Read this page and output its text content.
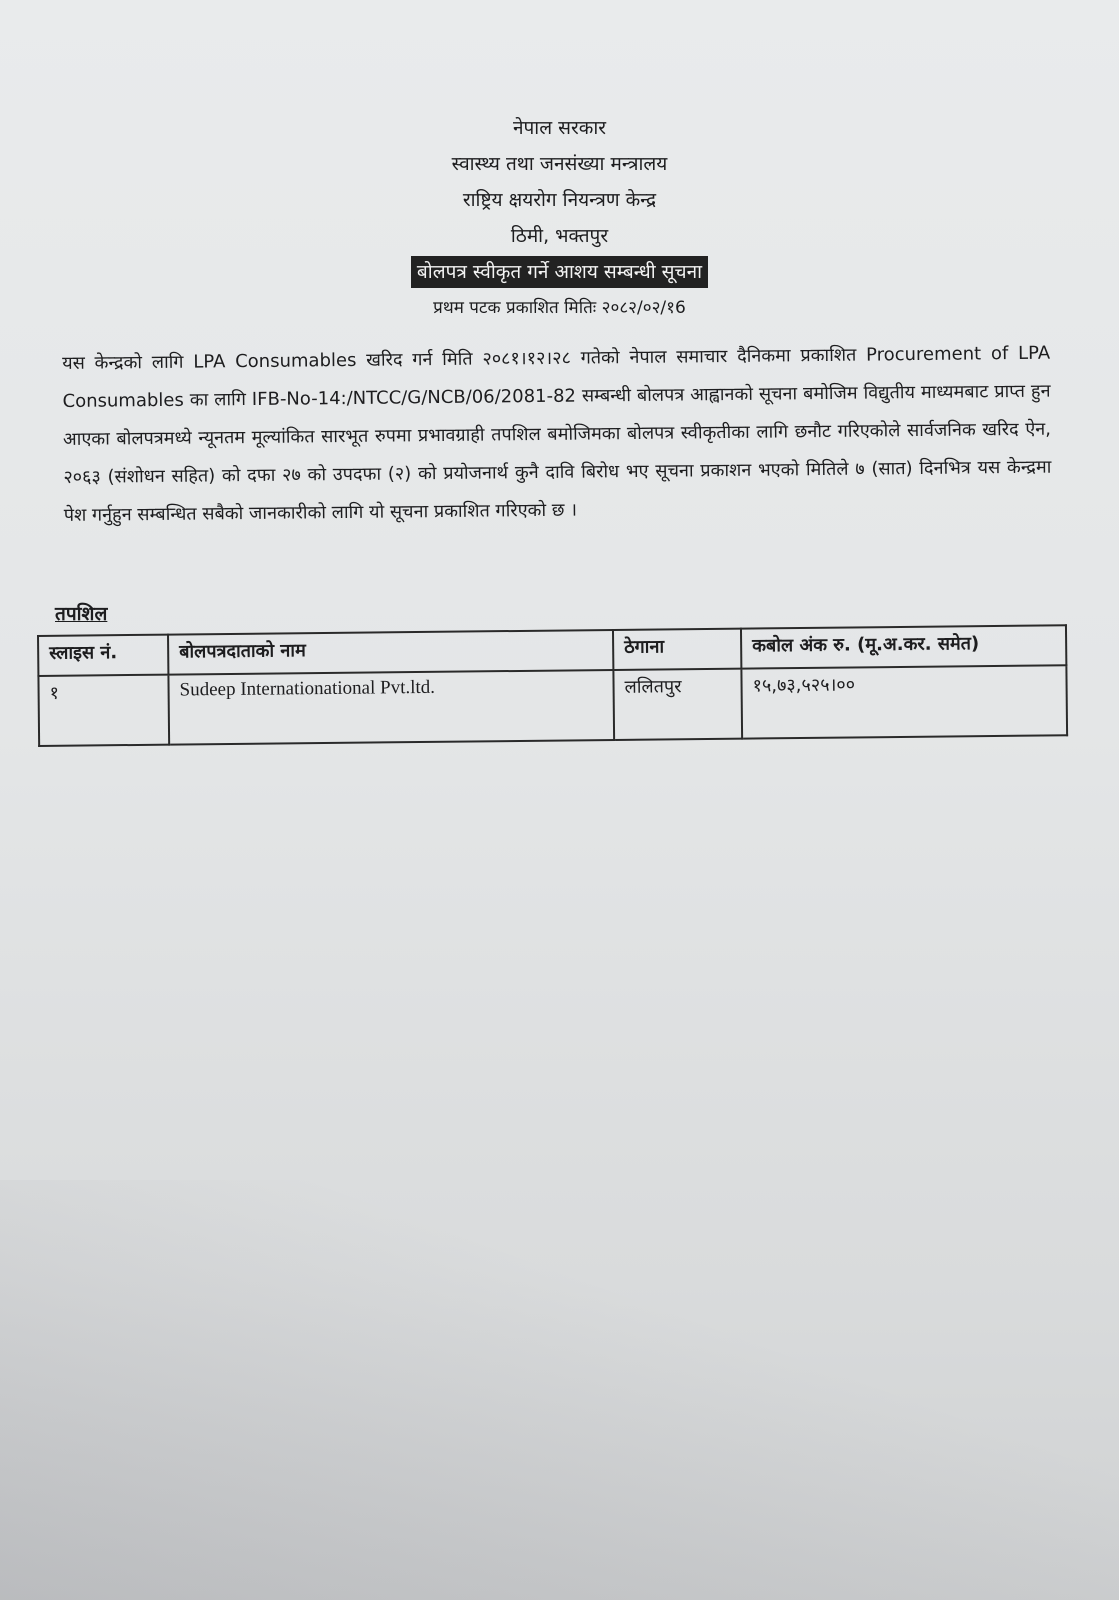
नेपाल सरकार
स्वास्थ्य तथा जनसंख्या मन्त्रालय
राष्ट्रिय क्षयरोग नियन्त्रण केन्द्र
ठिमी, भक्तपुर
बोलपत्र स्वीकृत गर्ने आशय सम्बन्धी सूचना
प्रथम पटक प्रकाशित मितिः २०८२/०२/१6
यस केन्द्रको लागि LPA Consumables खरिद गर्न मिति २०८१।१२।२८ गतेको नेपाल समाचार दैनिकमा प्रकाशित Procurement of LPA Consumables का लागि IFB-No-14:/NTCC/G/NCB/06/2081-82 सम्बन्धी बोलपत्र आह्वानको सूचना बमोजिम विद्युतीय माध्यमबाट प्राप्त हुन आएका बोलपत्रमध्ये न्यूनतम मूल्यांकित सारभूत रुपमा प्रभावग्राही तपशिल बमोजिमका बोलपत्र स्वीकृतीका लागि छनौट गरिएकोले सार्वजनिक खरिद ऐन, २०६३ (संशोधन सहित) को दफा २७ को उपदफा (२) को प्रयोजनार्थ कुनै दावि बिरोध भए सूचना प्रकाशन भएको मितिले ७ (सात) दिनभित्र यस केन्द्रमा पेश गर्नुहुन सम्बन्धित सबैको जानकारीको लागि यो सूचना प्रकाशित गरिएको छ ।
तपशिल
स्लाइस नं.	बोलपत्रदाताको नाम	ठेगाना	कबोल अंक रु. (मू.अ.कर. समेत)
१	Sudeep Internationational Pvt.ltd.	ललितपुर	१५,७३,५२५।००
